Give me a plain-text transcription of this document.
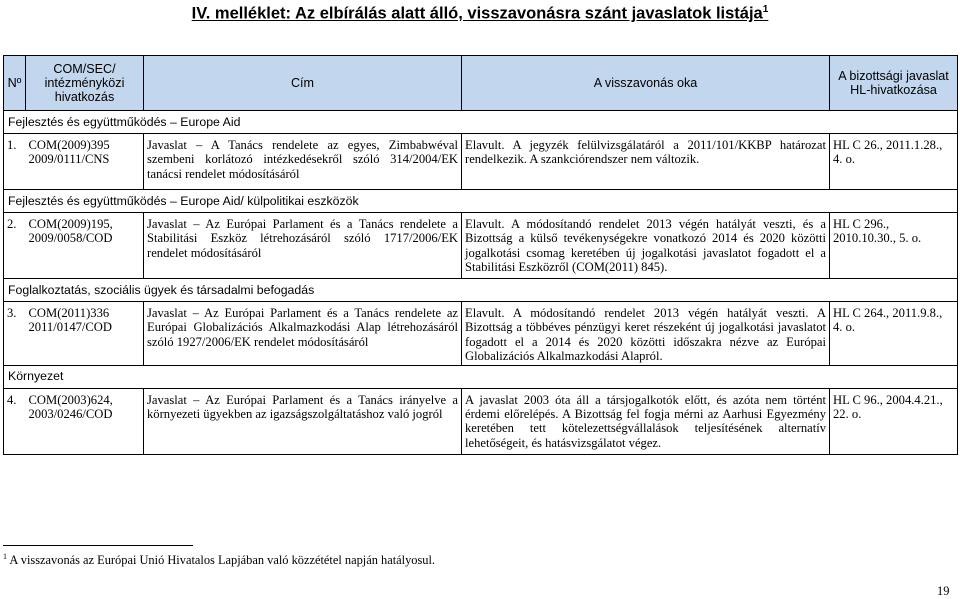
IV. melléklet: Az elbírálás alatt álló, visszavonásra szánt javaslatok listája$^1$
Nº	COM/SEC/ intézményközi hivatkozás	Cím	A visszavonás oka	A bizottsági javaslat HL-hivatkozása
Fejlesztés és együttműködés – Europe Aid				
1.	COM(2009)395 2009/0111/CNS	Javaslat – A Tanács rendelete az egyes, Zimbabwéval szembeni korlátozó intézkedésekről szóló 314/2004/EK tanácsi rendelet módosításáról	Elavult. A jegyzék felülvizsgálatáról a 2011/101/KKBP határozat rendelkezik. A szankciórendszer nem változik.	HL C 26., 2011.1.28., 4. o.
Fejlesztés és együttműködés – Europe Aid/ külpolitikai eszközök				
2.	COM(2009)195, 2009/0058/COD	Javaslat – Az Európai Parlament és a Tanács rendelete a Stabilitási Eszköz létrehozásáról szóló 1717/2006/EK rendelet módosításáról	Elavult. A módosítandó rendelet 2013 végén hatályát veszti, és a Bizottság a külső tevékenységekre vonatkozó 2014 és 2020 közötti jogalkotási csomag keretében új jogalkotási javaslatot fogadott el a Stabilitási Eszközről (COM(2011) 845).	HL C 296., 2010.10.30., 5. o.
Foglalkoztatás, szociális ügyek és társadalmi befogadás				
3.	COM(2011)336 2011/0147/COD	Javaslat – Az Európai Parlament és a Tanács rendelete az Európai Globalizációs Alkalmazkodási Alap létrehozásáról szóló 1927/2006/EK rendelet módosításáról	Elavult. A módosítandó rendelet 2013 végén hatályát veszti. A Bizottság a többéves pénzügyi keret részeként új jogalkotási javaslatot fogadott el a 2014 és 2020 közötti időszakra nézve az Európai Globalizációs Alkalmazkodási Alapról.	HL C 264., 2011.9.8., 4. o.
Környezet				
4.	COM(2003)624, 2003/0246/COD	Javaslat – Az Európai Parlament és a Tanács irányelve a környezeti ügyekben az igazságszolgáltatáshoz való jogról	A javaslat 2003 óta áll a társjogalkotók előtt, és azóta nem történt érdemi előrelépés. A Bizottság fel fogja mérni az Aarhusi Egyezmény keretében tett kötelezettségvállalások teljesítésének alternatív lehetőségeit, és hatásvizsgálatot végez.	HL C 96., 2004.4.21., 22. o.
$^1$ A visszavonás az Európai Unió Hivatalos Lapjában való közzététel napján hatályosul.
19
